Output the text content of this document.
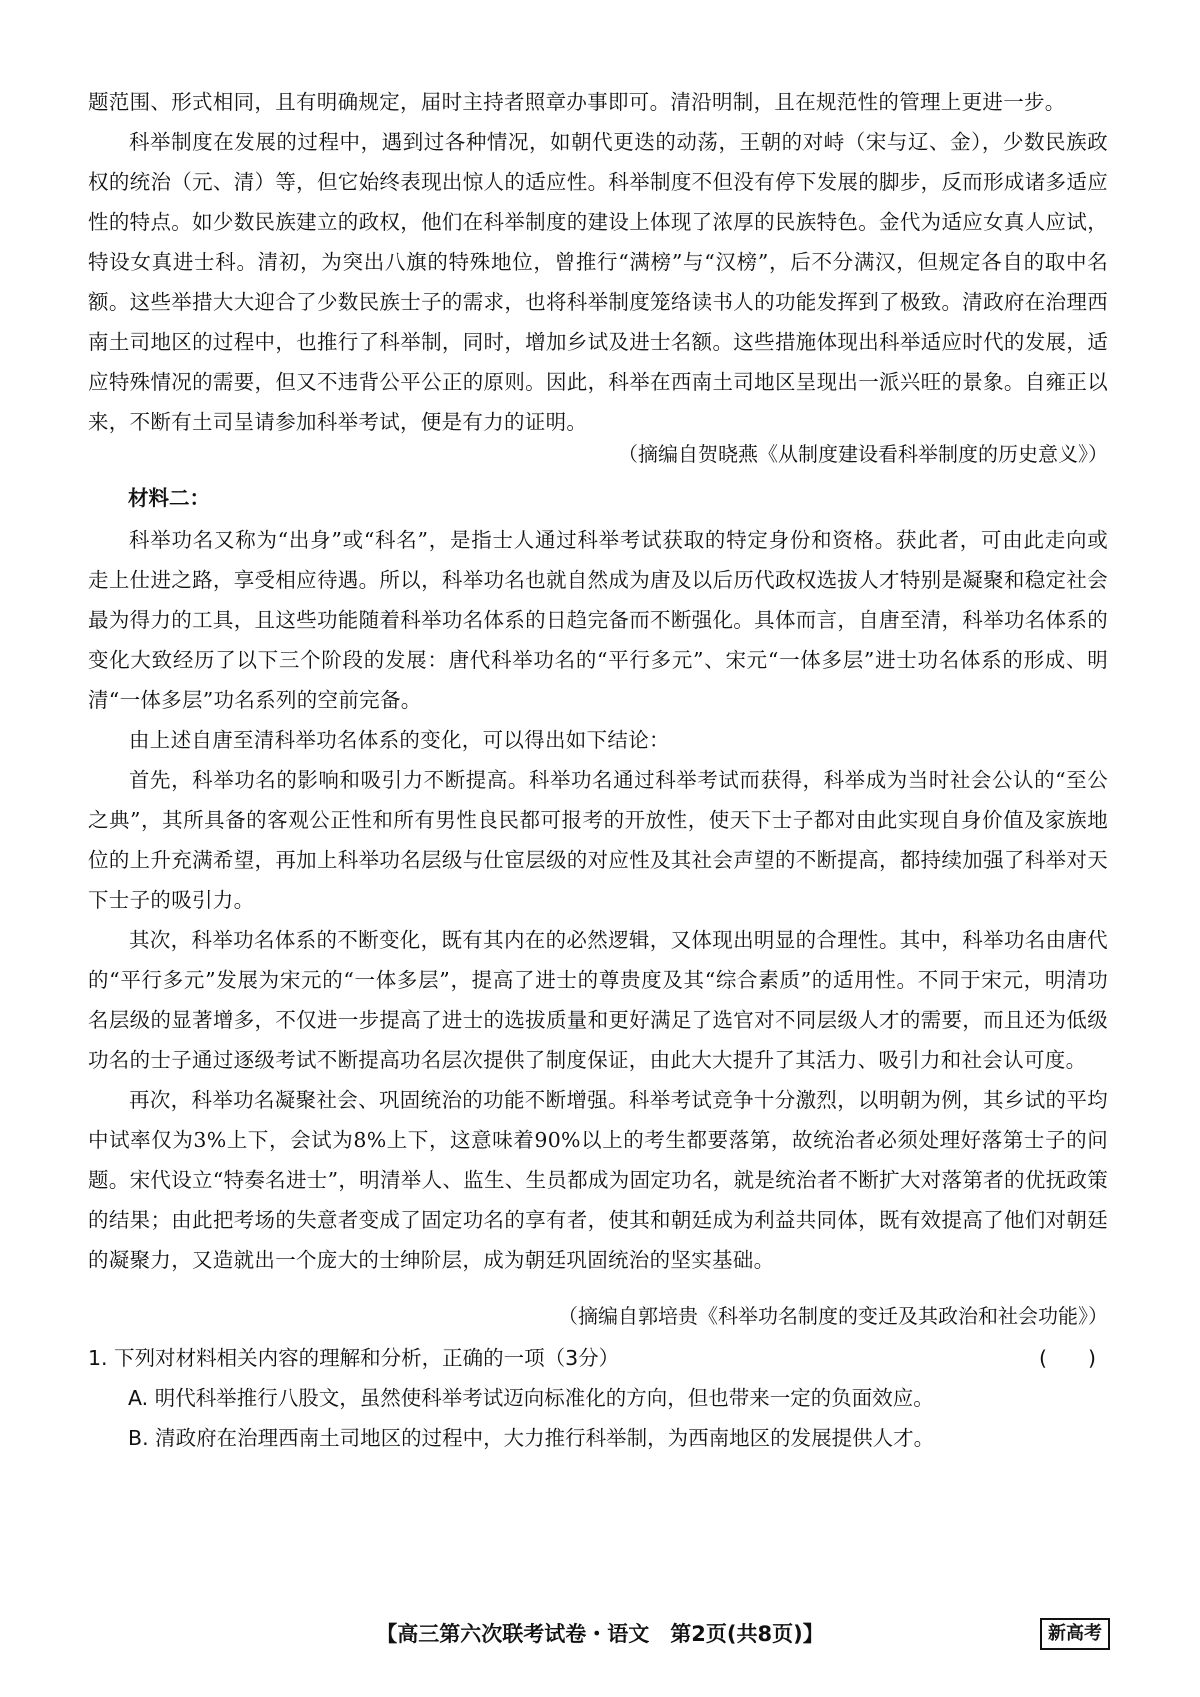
题范围、形式相同，且有明确规定，届时主持者照章办事即可。清沿明制，且在规范性的管理上更进一步。

科举制度在发展的过程中，遇到过各种情况，如朝代更迭的动荡，王朝的对峙（宋与辽、金），少数民族政权的统治（元、清）等，但它始终表现出惊人的适应性。科举制度不但没有停下发展的脚步，反而形成诸多适应性的特点。如少数民族建立的政权，他们在科举制度的建设上体现了浓厚的民族特色。金代为适应女真人应试，特设女真进士科。清初，为突出八旗的特殊地位，曾推行“满榜”与“汉榜”，后不分满汉，但规定各自的取中名额。这些举措大大迎合了少数民族士子的需求，也将科举制度笼络读书人的功能发挥到了极致。清政府在治理西南土司地区的过程中，也推行了科举制，同时，增加乡试及进士名额。这些措施体现出科举适应时代的发展，适应特殊情况的需要，但又不违背公平公正的原则。因此，科举在西南土司地区呈现出一派兴旺的景象。自雍正以来，不断有土司呈请参加科举考试，便是有力的证明。

（摘编自贺晓燕《从制度建设看科举制度的历史意义》）
材料二：

科举功名又称为“出身”或“科名”，是指士人通过科举考试获取的特定身份和资格。获此者，可由此走向或走上仕进之路，享受相应待遇。所以，科举功名也就自然成为唐及以后历代政权选拔人才特别是凝聚和稳定社会最为得力的工具，且这些功能随着科举功名体系的日趋完备而不断强化。具体而言，自唐至清，科举功名体系的变化大致经历了以下三个阶段的发展：唐代科举功名的“平行多元”、宋元“一体多层”进士功名体系的形成、明清“一体多层”功名系列的空前完备。

由上述自唐至清科举功名体系的变化，可以得出如下结论：

首先，科举功名的影响和吸引力不断提高。科举功名通过科举考试而获得，科举成为当时社会公认的“至公之典”，其所具备的客观公正性和所有男性良民都可报考的开放性，使天下士子都对由此实现自身价值及家族地位的上升充满希望，再加上科举功名层级与仕宦层级的对应性及其社会声望的不断提高，都持续加强了科举对天下士子的吸引力。

其次，科举功名体系的不断变化，既有其内在的必然逻辑，又体现出明显的合理性。其中，科举功名由唐代的“平行多元”发展为宋元的“一体多层”，提高了进士的尊贵度及其“综合素质”的适用性。不同于宋元，明清功名层级的显著增多，不仅进一步提高了进士的选拔质量和更好满足了选官对不同层级人才的需要，而且还为低级功名的士子通过逐级考试不断提高功名层次提供了制度保证，由此大大提升了其活力、吸引力和社会认可度。

再次，科举功名凝聚社会、巩固统治的功能不断增强。科举考试竞争十分激烈，以明朝为例，其乡试的平均中试率仅为3%上下，会试为8%上下，这意味着90%以上的考生都要落第，故统治者必须处理好落第士子的问题。宋代设立“特奏名进士”，明清举人、监生、生员都成为固定功名，就是统治者不断扩大对落第者的优抚政策的结果；由此把考场的失意者变成了固定功名的享有者，使其和朝廷成为利益共同体，既有效提高了他们对朝廷的凝聚力，又造就出一个庞大的士绅阶层，成为朝廷巩固统治的坚实基础。

（摘编自郭培贵《科举功名制度的变迁及其政治和社会功能》）
1. 下列对材料相关内容的理解和分析，正确的一项（3分）	(　　)
A. 明代科举推行八股文，虽然使科举考试迈向标准化的方向，但也带来一定的负面效应。
B. 清政府在治理西南土司地区的过程中，大力推行科举制，为西南地区的发展提供人才。
【高三第六次联考试卷・语文　第2页(共8页)】	新高考
